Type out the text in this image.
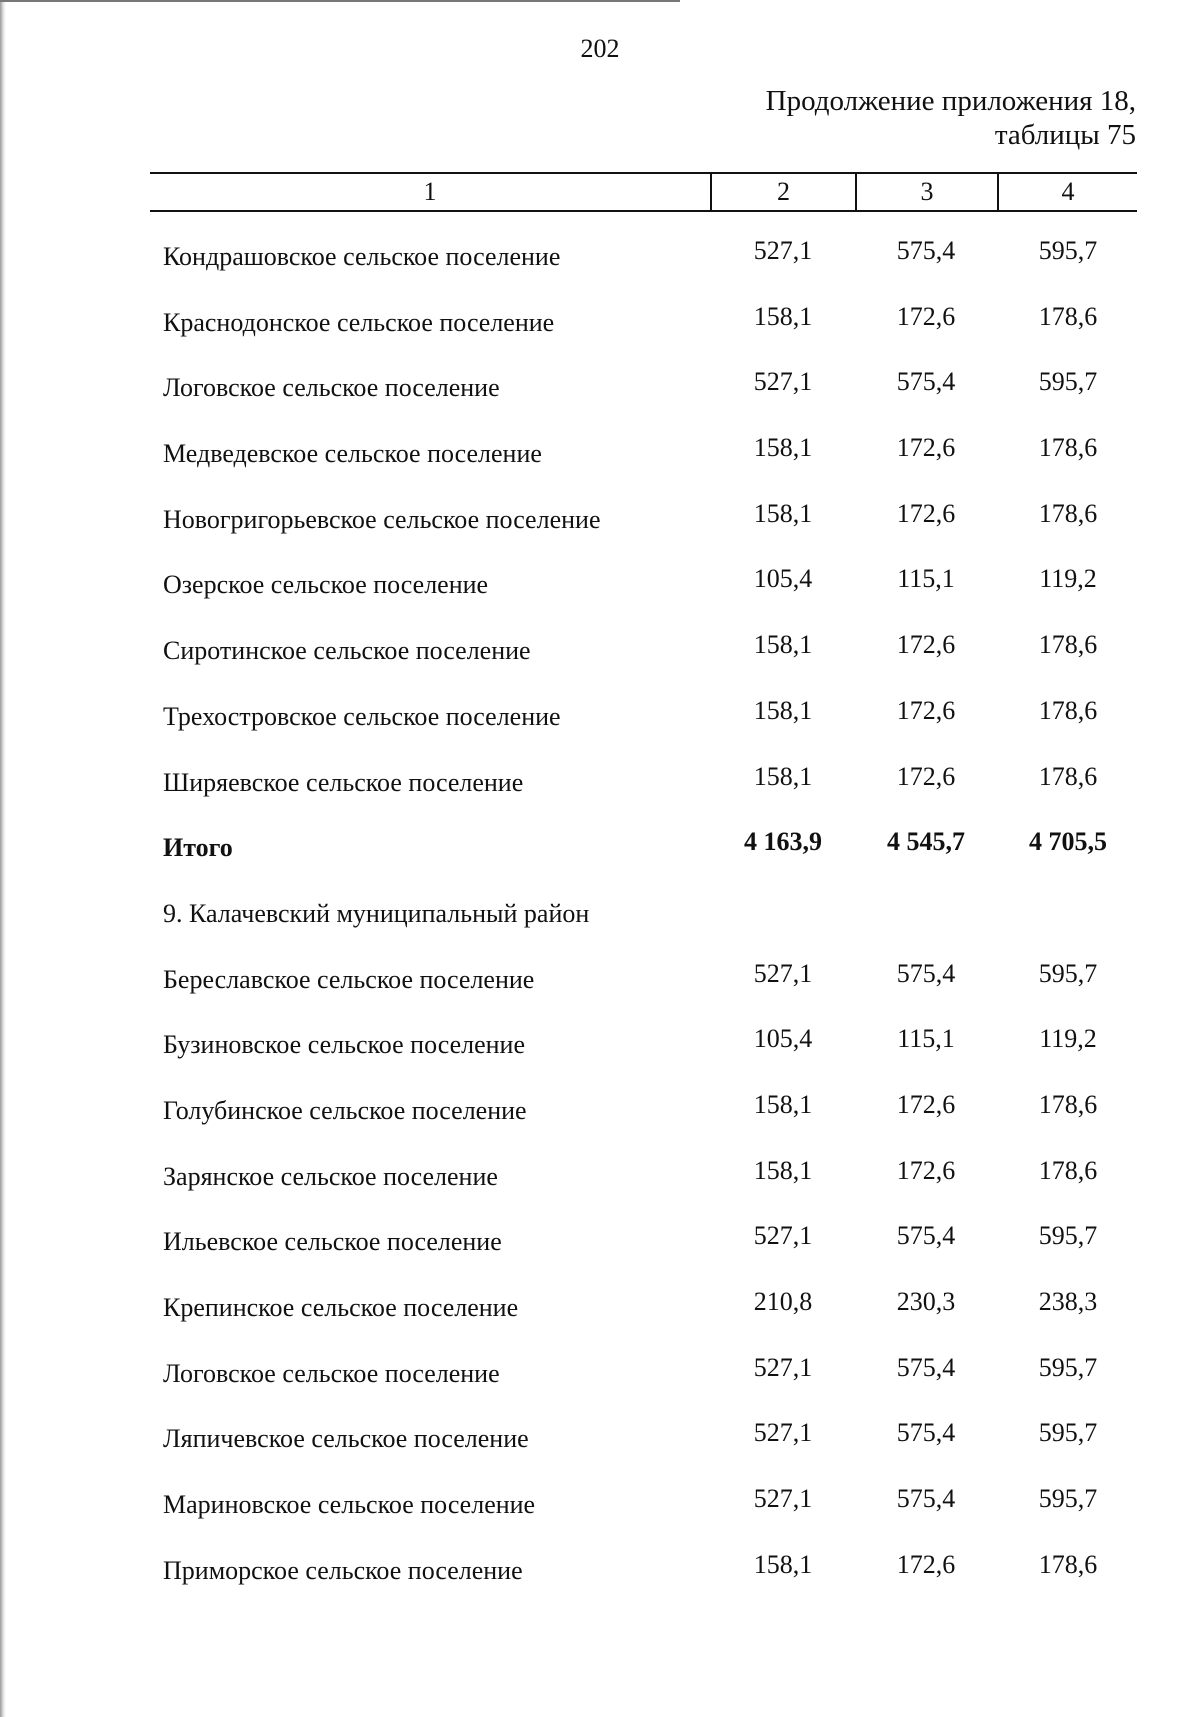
202
Продолжение приложения 18,
таблицы 75
1	2	3	4
Кондрашовское сельское поселение	527,1	575,4	595,7
Краснодонское сельское поселение	158,1	172,6	178,6
Логовское сельское поселение	527,1	575,4	595,7
Медведевское сельское поселение	158,1	172,6	178,6
Новогригорьевское сельское поселение	158,1	172,6	178,6
Озерское сельское поселение	105,4	115,1	119,2
Сиротинское сельское поселение	158,1	172,6	178,6
Трехостровское сельское поселение	158,1	172,6	178,6
Ширяевское сельское поселение	158,1	172,6	178,6
Итого	4 163,9	4 545,7	4 705,5
9. Калачевский муниципальный район
Береславское сельское поселение	527,1	575,4	595,7
Бузиновское сельское поселение	105,4	115,1	119,2
Голубинское сельское поселение	158,1	172,6	178,6
Зарянское сельское поселение	158,1	172,6	178,6
Ильевское сельское поселение	527,1	575,4	595,7
Крепинское сельское поселение	210,8	230,3	238,3
Логовское сельское поселение	527,1	575,4	595,7
Ляпичевское сельское поселение	527,1	575,4	595,7
Мариновское сельское поселение	527,1	575,4	595,7
Приморское сельское поселение	158,1	172,6	178,6
